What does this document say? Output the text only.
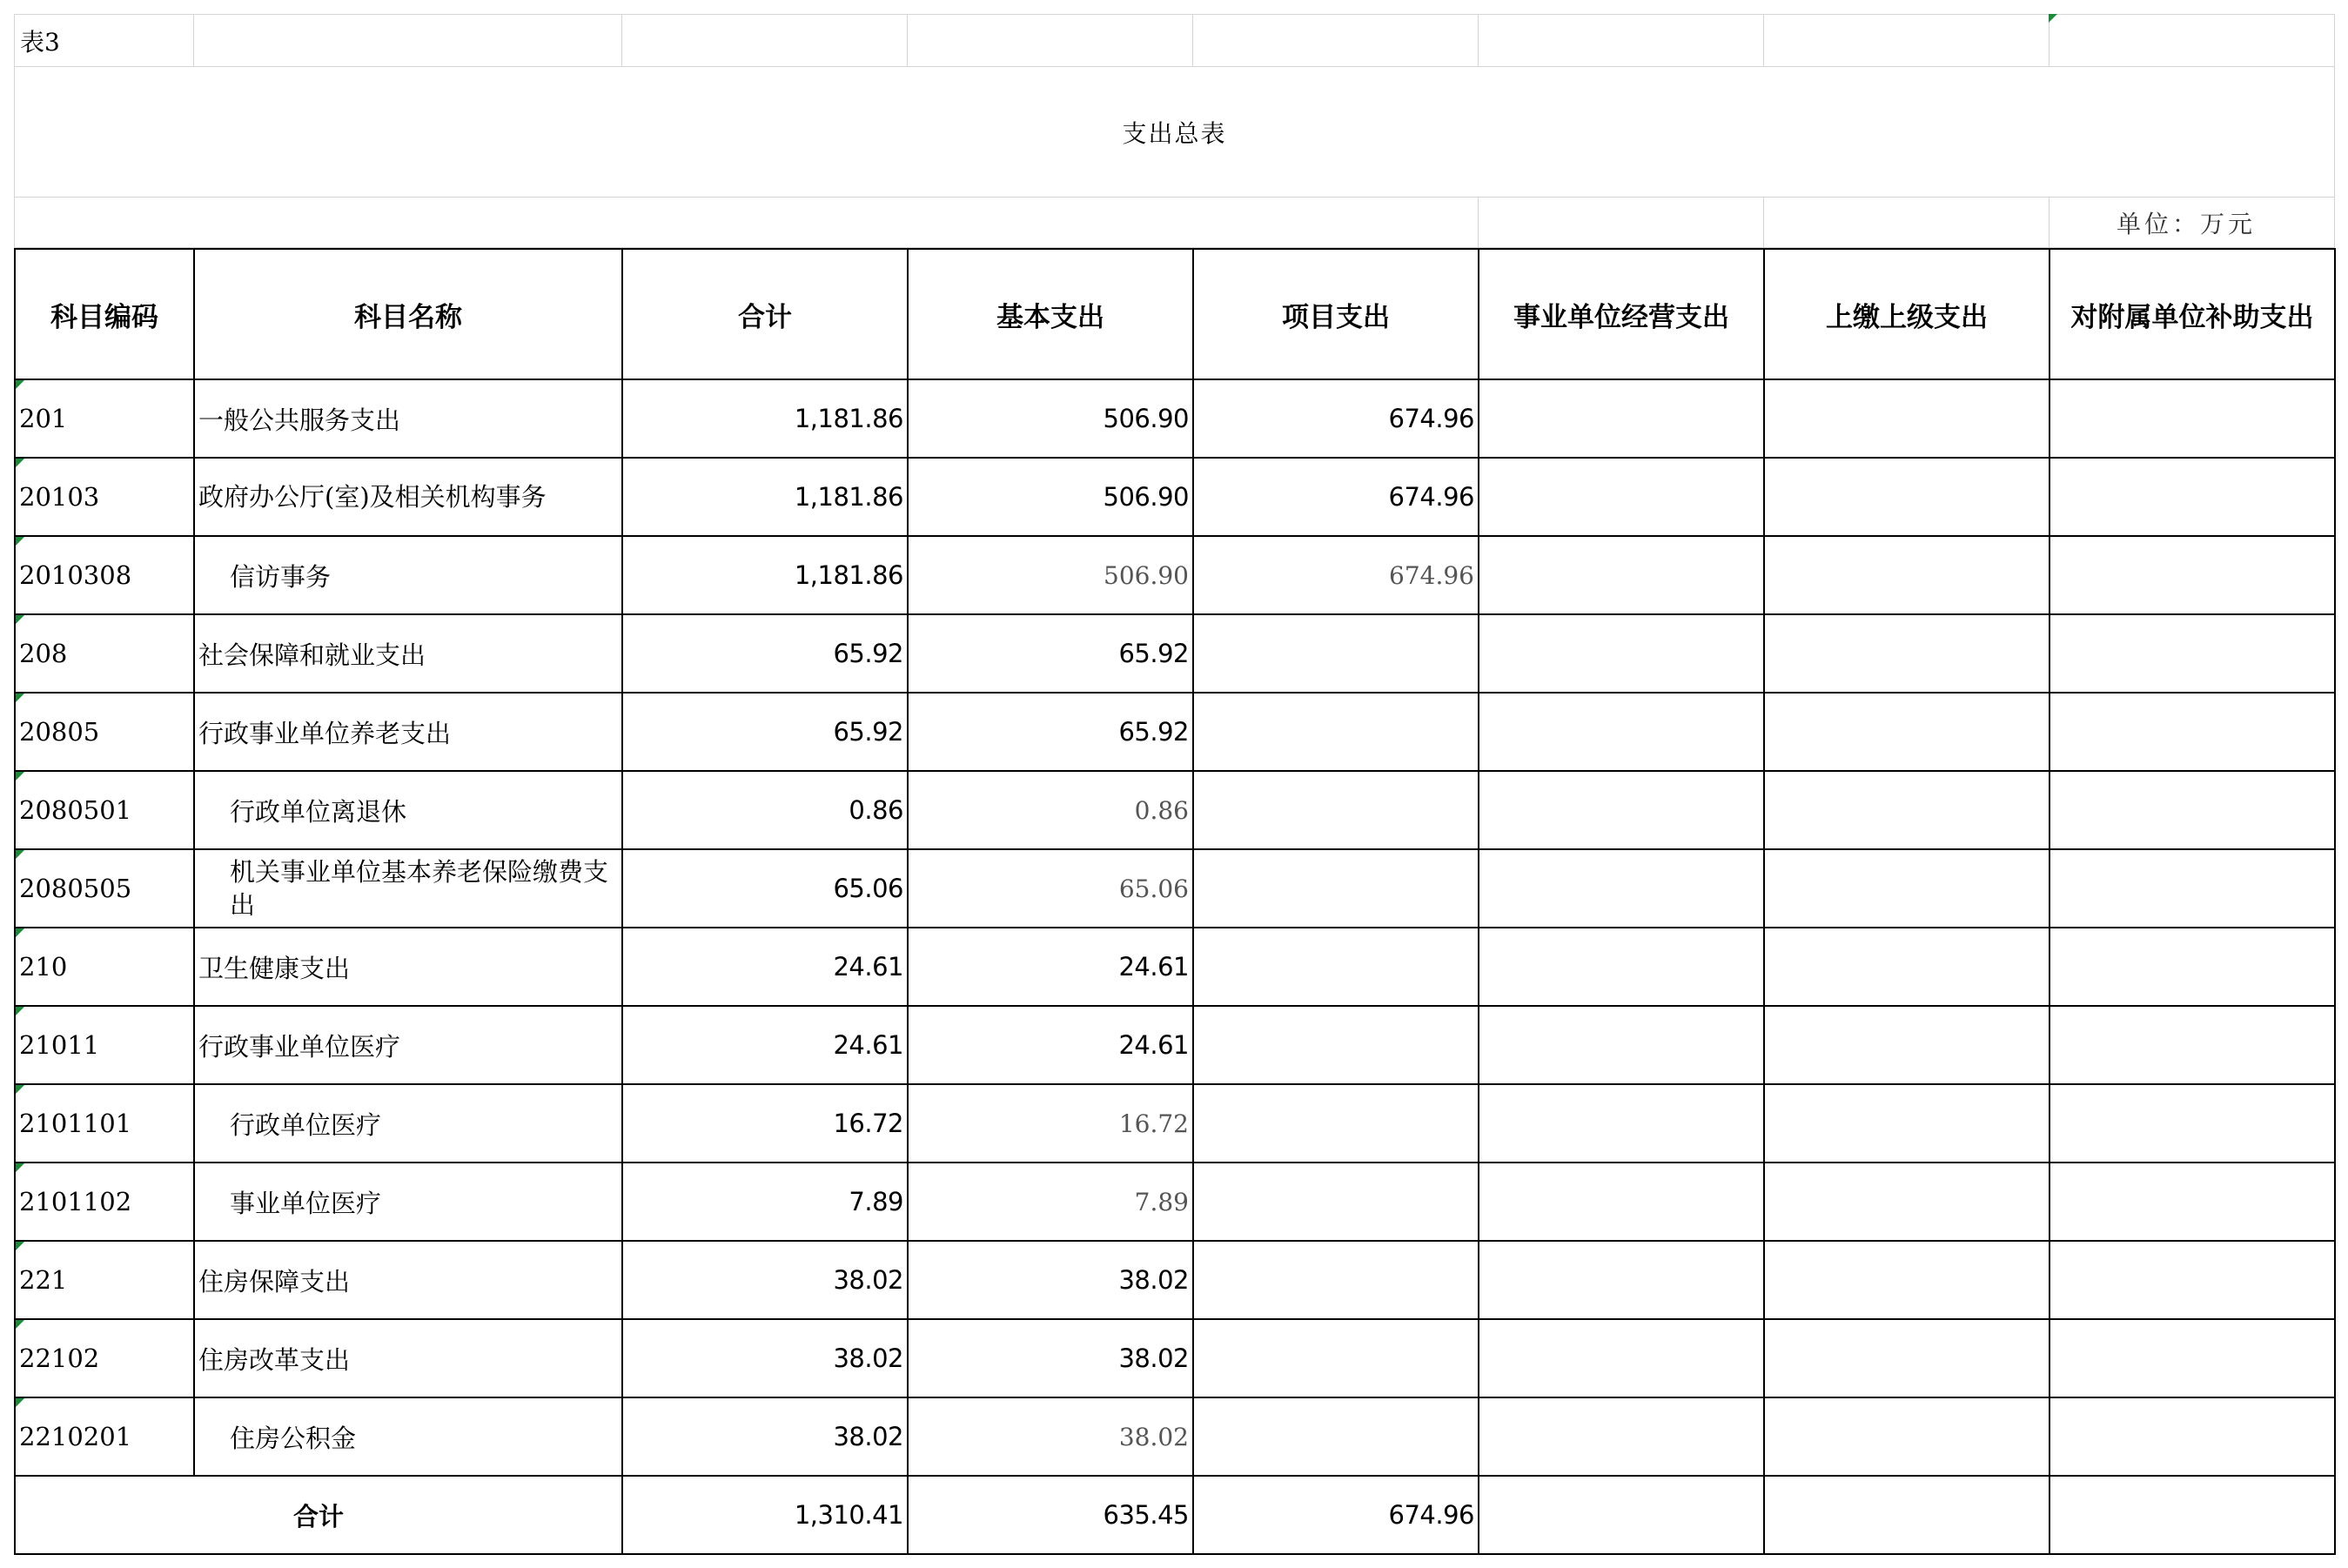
表3							
支出总表							
							单位：万元
科目编码	科目名称	合计	基本支出	项目支出	事业单位经营支出	上缴上级支出	对附属单位补助支出

201	一般公共服务支出	1,181.86	506.90	674.96			

20103	政府办公厅(室)及相关机构事务	1,181.86	506.90	674.96			

2010308	信访事务	1,181.86	506.90	674.96			

208	社会保障和就业支出	65.92	65.92				

20805	行政事业单位养老支出	65.92	65.92				

2080501	行政单位离退休	0.86	0.86				

2080505	机关事业单位基本养老保险缴费支出	65.06	65.06				

210	卫生健康支出	24.61	24.61				

21011	行政事业单位医疗	24.61	24.61				

2101101	行政单位医疗	16.72	16.72				

2101102	事业单位医疗	7.89	7.89				

221	住房保障支出	38.02	38.02				

22102	住房改革支出	38.02	38.02				

2210201	住房公积金	38.02	38.02				
合计		1,310.41	635.45	674.96			
